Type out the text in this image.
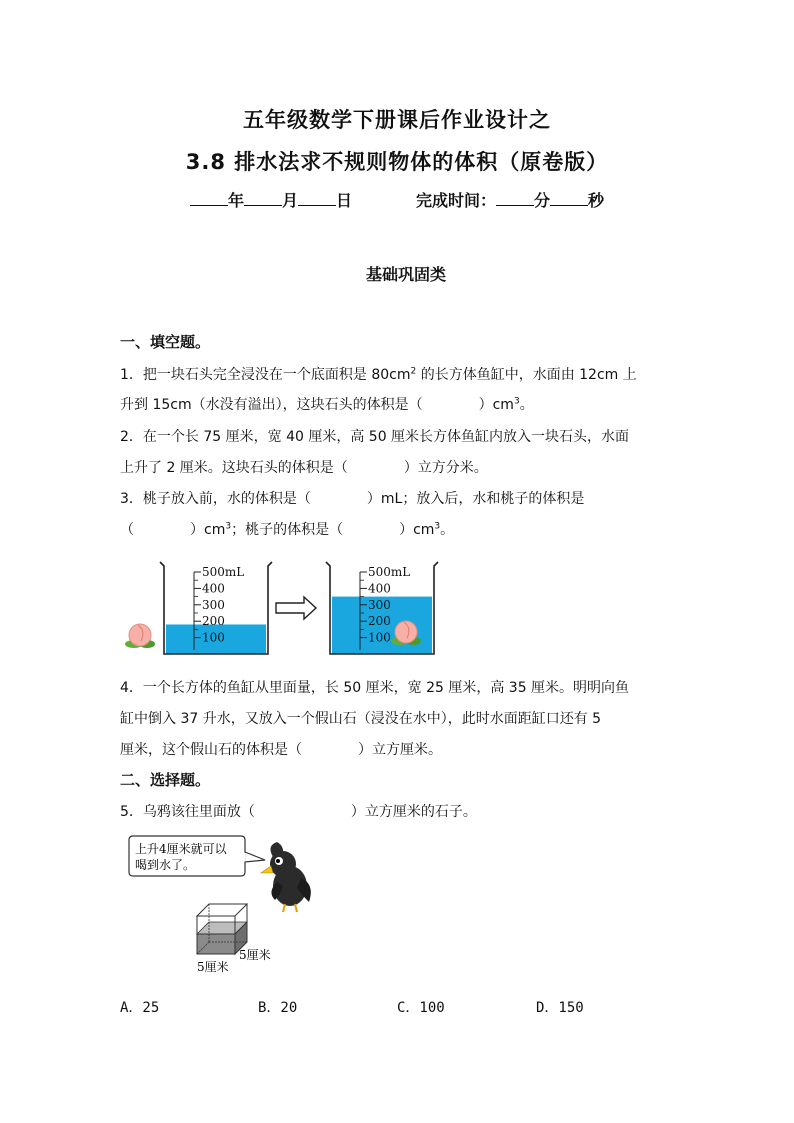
五年级数学下册课后作业设计之
3.8 排水法求不规则物体的体积（原卷版）
年 月 日	完成时间： 分 秒
基础巩固类
一、填空题。
1．把一块石头完全浸没在一个底面积是 $80cm^2$ 的长方体鱼缸中，水面由 12cm 上
升到 15cm（水没有溢出），这块石头的体积是（	）$cm^3$。
2．在一个长 75 厘米，宽 40 厘米，高 50 厘米长方体鱼缸内放入一块石头，水面
上升了 2 厘米。这块石头的体积是（	）立方分米。
3．桃子放入前，水的体积是（	）mL；放入后，水和桃子的体积是
（	）$cm^3$；桃子的体积是（	）$cm^3$。
500mL
400
300
200
100
500mL
400
300
200
100
4．一个长方体的鱼缸从里面量，长 50 厘米，宽 25 厘米，高 35 厘米。明明向鱼
缸中倒入 37 升水，又放入一个假山石（浸没在水中），此时水面距缸口还有 5
厘米，这个假山石的体积是（	）立方厘米。
二、选择题。
5．乌鸦该往里面放（	）立方厘米的石子。
上升4厘米就可以
喝到水了。
5厘米
5厘米
A．25	B．20	C．100	D．150
